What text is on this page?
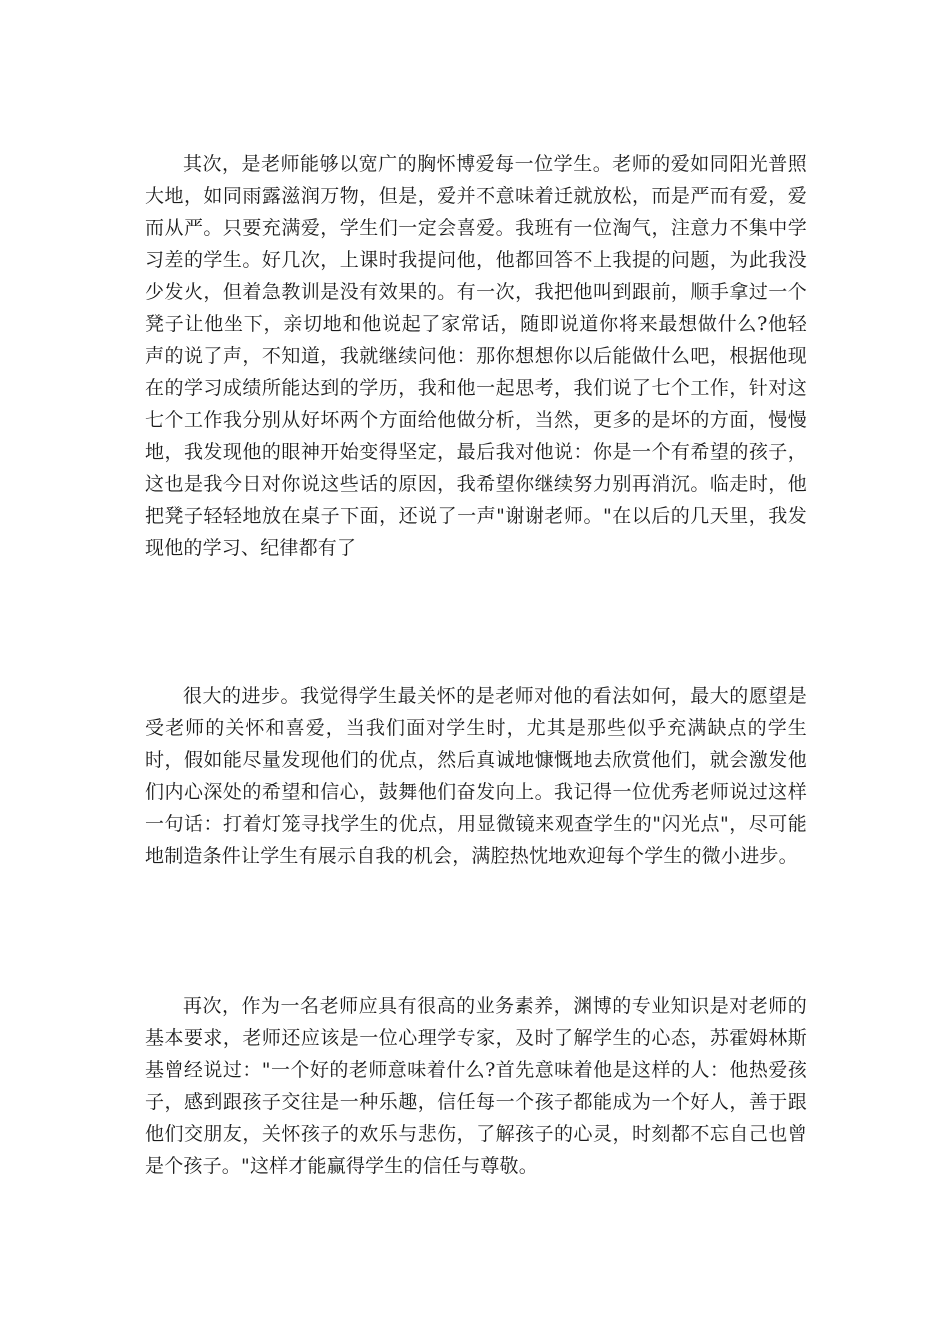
其次，是老师能够以宽广的胸怀博爱每一位学生。老师的爱如同阳光普照大地，如同雨露滋润万物，但是，爱并不意味着迁就放松，而是严而有爱，爱而从严。只要充满爱，学生们一定会喜爱。我班有一位淘气，注意力不集中学习差的学生。好几次，上课时我提问他，他都回答不上我提的问题，为此我没少发火，但着急教训是没有效果的。有一次，我把他叫到跟前，顺手拿过一个凳子让他坐下，亲切地和他说起了家常话，随即说道你将来最想做什么?他轻声的说了声，不知道，我就继续问他：那你想想你以后能做什么吧，根据他现在的学习成绩所能达到的学历，我和他一起思考，我们说了七个工作，针对这七个工作我分别从好坏两个方面给他做分析，当然，更多的是坏的方面，慢慢地，我发现他的眼神开始变得坚定，最后我对他说：你是一个有希望的孩子，这也是我今日对你说这些话的原因，我希望你继续努力别再消沉。临走时，他把凳子轻轻地放在桌子下面，还说了一声"谢谢老师。"在以后的几天里，我发现他的学习、纪律都有了

很大的进步。我觉得学生最关怀的是老师对他的看法如何，最大的愿望是受老师的关怀和喜爱，当我们面对学生时，尤其是那些似乎充满缺点的学生时，假如能尽量发现他们的优点，然后真诚地慷慨地去欣赏他们，就会激发他们内心深处的希望和信心，鼓舞他们奋发向上。我记得一位优秀老师说过这样一句话：打着灯笼寻找学生的优点，用显微镜来观查学生的"闪光点"，尽可能地制造条件让学生有展示自我的机会，满腔热忱地欢迎每个学生的微小进步。

再次，作为一名老师应具有很高的业务素养，渊博的专业知识是对老师的基本要求，老师还应该是一位心理学专家，及时了解学生的心态，苏霍姆林斯基曾经说过："一个好的老师意味着什么?首先意味着他是这样的人：他热爱孩子，感到跟孩子交往是一种乐趣，信任每一个孩子都能成为一个好人，善于跟他们交朋友，关怀孩子的欢乐与悲伤，了解孩子的心灵，时刻都不忘自己也曾是个孩子。"这样才能赢得学生的信任与尊敬。
